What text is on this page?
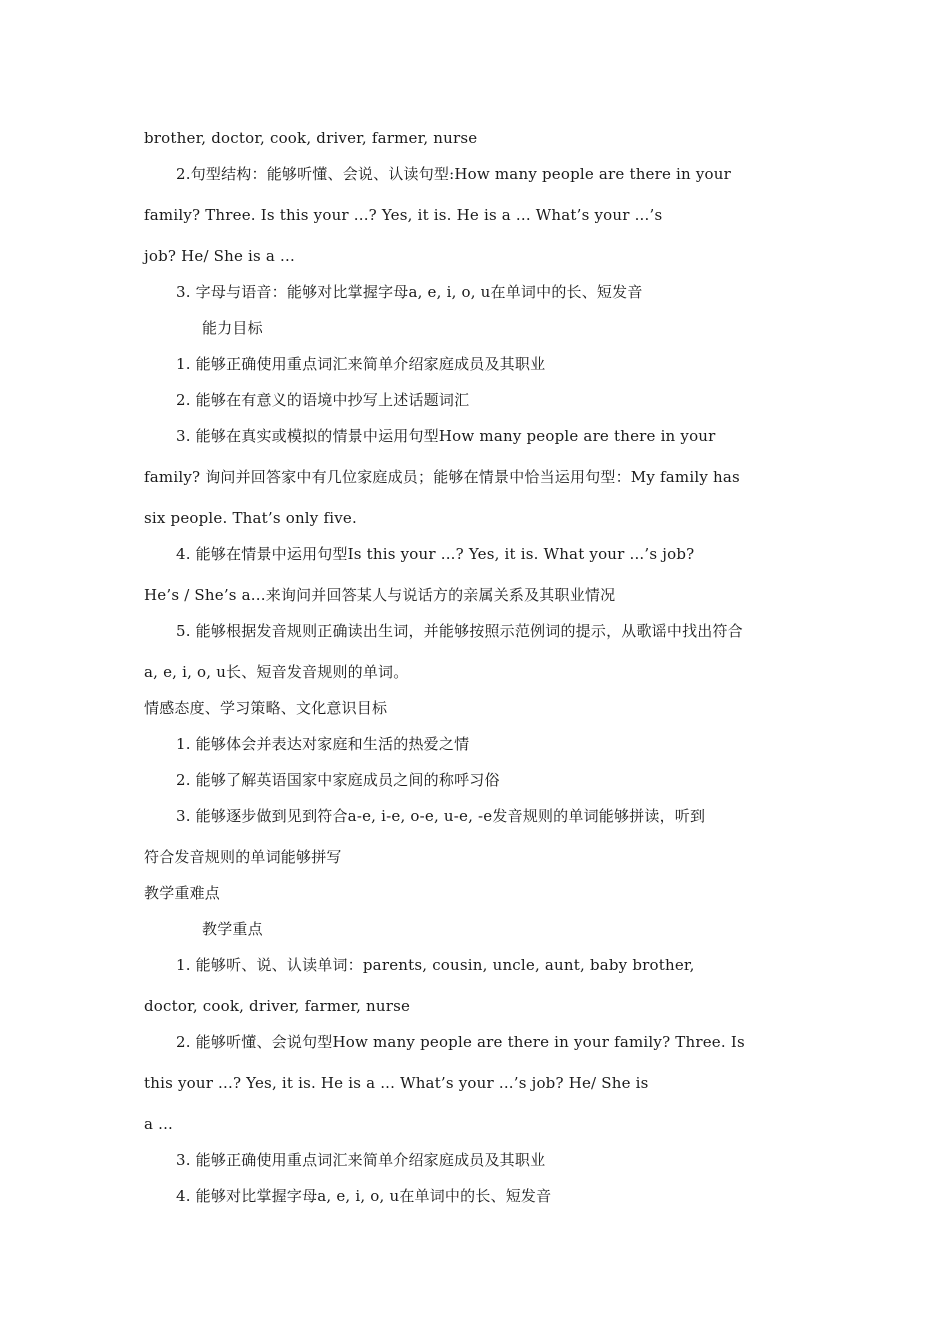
brother, doctor, cook, driver, farmer, nurse
2.句型结构：能够听懂、会说、认读句型:How many people are there in your
family? Three. Is this your ...? Yes, it is. He is a ... What’s your ...’s
job? He/ She is a ...
3. 字母与语音：能够对比掌握字母a, e, i, o, u在单词中的长、短发音
能力目标
1. 能够正确使用重点词汇来简单介绍家庭成员及其职业
2. 能够在有意义的语境中抄写上述话题词汇
3. 能够在真实或模拟的情景中运用句型How many people are there in your
family? 询问并回答家中有几位家庭成员；能够在情景中恰当运用句型：My family has
six people. That’s only five.
4. 能够在情景中运用句型Is this your ...? Yes, it is. What your ...’s job?
He’s / She’s a...来询问并回答某人与说话方的亲属关系及其职业情况
5. 能够根据发音规则正确读出生词，并能够按照示范例词的提示，从歌谣中找出符合
a, e, i, o, u长、短音发音规则的单词。
情感态度、学习策略、文化意识目标
1. 能够体会并表达对家庭和生活的热爱之情
2. 能够了解英语国家中家庭成员之间的称呼习俗
3. 能够逐步做到见到符合a-e, i-e, o-e, u-e, -e发音规则的单词能够拼读，听到
符合发音规则的单词能够拼写
教学重难点
教学重点
1. 能够听、说、认读单词：parents, cousin, uncle, aunt, baby brother,
doctor, cook, driver, farmer, nurse
2. 能够听懂、会说句型How many people are there in your family? Three. Is
this your ...? Yes, it is. He is a ... What’s your ...’s job? He/ She is
a ...
3. 能够正确使用重点词汇来简单介绍家庭成员及其职业
4. 能够对比掌握字母a, e, i, o, u在单词中的长、短发音
